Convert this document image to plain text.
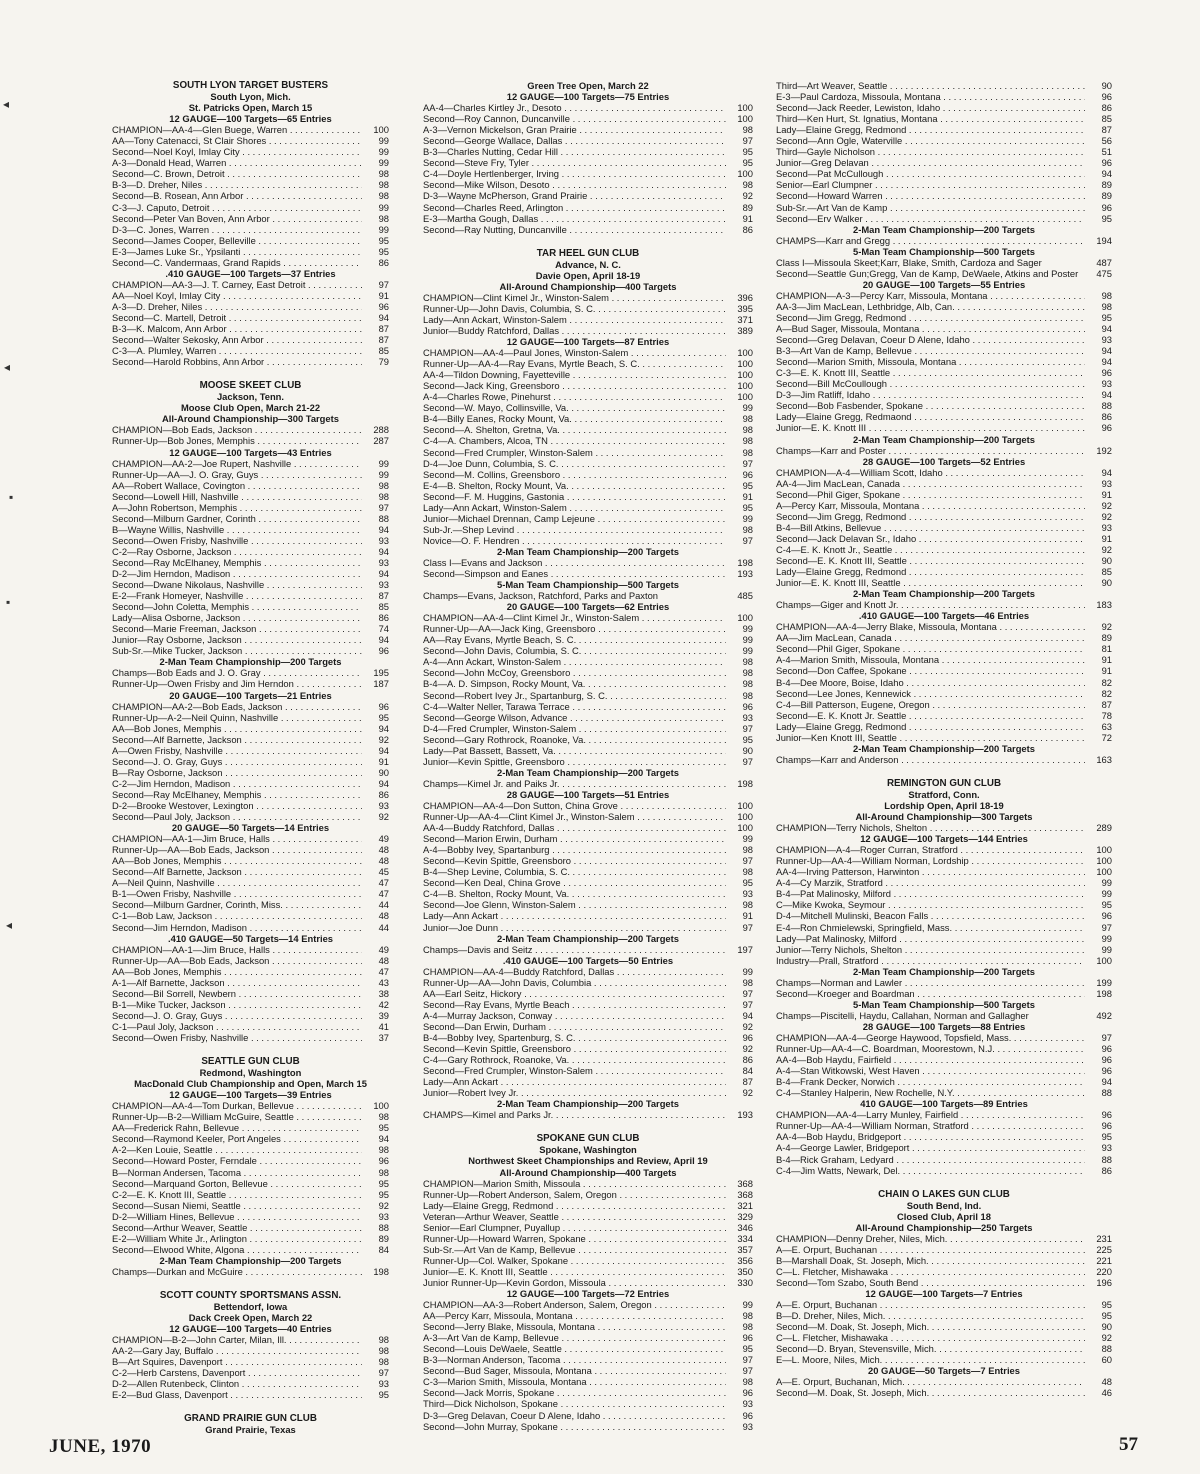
SOUTH LYON TARGET BUSTERS
South Lyon, Mich.
St. Patricks Open, March 15
12 GAUGE—100 Targets—65 Entries
CHAMPION—AA-4—Glen Buege, Warren . . .	100
AA—Tony Catenacci, St Clair Shores . . .	99
Second—Noel Koyl, Imlay City . . .	99
A-3—Donald Head, Warren . . .	99
Second—C. Brown, Detroit . . .	98
B-3—D. Dreher, Niles . . .	98
Second—B. Rosean, Ann Arbor . . .	98
C-3—J. Caputo, Detroit . . .	99
Second—Peter Van Boven, Ann Arbor . . .	98
D-3—C. Jones, Warren . . .	99
Second—James Cooper, Belleville . . .	95
E-3—James Luke Sr., Ypsilanti . . .	95
Second—C. Vandermaas, Grand Rapids . . .	86
.410 GAUGE—100 Targets—37 Entries
CHAMPION—AA-3—J. T. Carney, East Detroit . . .	97
AA—Noel Koyl, Imlay City . . .	91
A-3—D. Dreher, Niles . . .	96
Second—C. Martell, Detroit . . .	94
B-3—K. Malcom, Ann Arbor . . .	87
Second—Walter Sekosky, Ann Arbor . . .	87
C-3—A. Plumley, Warren . . .	85
Second—Harold Robbins, Ann Arbor . . .	79
MOOSE SKEET CLUB
Jackson, Tenn.
Moose Club Open, March 21-22
All-Around Championship—300 Targets
CHAMPION—Bob Eads, Jackson . . .	288
Runner-Up—Bob Jones, Memphis . . .	287
12 GAUGE—100 Targets—43 Entries
CHAMPION—AA-2—Joe Rupert, Nashville . . .	99
Runner-Up—AA—J. O. Gray, Guys . . .	99
AA—Robert Wallace, Covington . . .	98
Second—Lowell Hill, Nashville . . .	98
A—John Robertson, Memphis . . .	97
Second—Milburn Gardner, Corinth . . .	88
B—Wayne Willis, Nashville . . .	94
Second—Owen Frisby, Nashville . . .	93
C-2—Ray Osborne, Jackson . . .	94
Second—Ray McElhaney, Memphis . . .	93
D-2—Jim Herndon, Madison . . .	94
Second—Dwane Nikolaus, Nashville . . .	93
E-2—Frank Homeyer, Nashville . . .	87
Second—John Coletta, Memphis . . .	85
Lady—Alisa Osborne, Jackson . . .	86
Second—Marie Freeman, Jackson . . .	74
Junior—Ray Osborne, Jackson . . .	94
Sub-Sr.—Mike Tucker, Jackson . . .	96
2-Man Team Championship—200 Targets
Champs—Bob Eads and J. O. Gray . . .	195
Runner-Up—Owen Frisby and Jim Herndon . . .	187
20 GAUGE—100 Targets—21 Entries
CHAMPION—AA-2—Bob Eads, Jackson . . .	96
Runner-Up—A-2—Neil Quinn, Nashville . . .	95
AA—Bob Jones, Memphis . . .	94
Second—Alf Barnette, Jackson . . .	92
A—Owen Frisby, Nashville . . .	94
Second—J. O. Gray, Guys . . .	91
B—Ray Osborne, Jackson . . .	90
C-2—Jim Herndon, Madison . . .	94
Second—Ray McElhaney, Memphis . . .	86
D-2—Brooke Westover, Lexington . . .	93
Second—Paul Joly, Jackson . . .	92
20 GAUGE—50 Targets—14 Entries
CHAMPION—AA-1—Jim Bruce, Halls . . .	49
Runner-Up—AA—Bob Eads, Jackson . . .	48
AA—Bob Jones, Memphis . . .	48
Second—Alf Barnette, Jackson . . .	45
A—Neil Quinn, Nashville . . .	47
B-1—Owen Frisby, Nashville . . .	47
Second—Milburn Gardner, Corinth, Miss. . . .	44
C-1—Bob Law, Jackson . . .	48
Second—Jim Herndon, Madison . . .	44
.410 GAUGE—50 Targets—14 Entries
CHAMPION—AA-1—Jim Bruce, Halls . . .	49
Runner-Up—AA—Bob Eads, Jackson . . .	48
AA—Bob Jones, Memphis . . .	47
A-1—Alf Barnette, Jackson . . .	43
Second—Bil Sorrell, Newbern . . .	38
B-1—Mike Tucker, Jackson . . .	42
Second—J. O. Gray, Guys . . .	39
C-1—Paul Joly, Jackson . . .	41
Second—Owen Frisby, Nashville . . .	37
SEATTLE GUN CLUB
Redmond, Washington
MacDonald Club Championship and Open, March 15
12 GAUGE—100 Targets—39 Entries
CHAMPION—AA-4—Tom Durkan, Bellevue . . .	100
Runner-Up—B-2—William McGuire, Seattle . . .	98
AA—Frederick Rahn, Bellevue . . .	95
Second—Raymond Keeler, Port Angeles . . .	94
A-2—Ken Louie, Seattle . . .	98
Second—Howard Poster, Ferndale . . .	96
B—Norman Andersen, Tacoma . . .	98
Second—Marquand Gorton, Bellevue . . .	95
C-2—E. K. Knott III, Seattle . . .	95
Second—Susan Niemi, Seattle . . .	92
D-2—William Hines, Bellevue . . .	93
Second—Arthur Weaver, Seattle . . .	88
E-2—William White Jr., Arlington . . .	89
Second—Elwood White, Algona . . .	84
2-Man Team Championship—200 Targets
Champs—Durkan and McGuire . . .	198
SCOTT COUNTY SPORTSMANS ASSN.
Bettendorf, Iowa
Dack Creek Open, March 22
12 GAUGE—100 Targets—40 Entries
CHAMPION—B-2—John Carter, Milan, Ill. . . .	98
AA-2—Gary Jay, Buffalo . . .	98
B—Art Squires, Davenport . . .	98
C-2—Herb Carstens, Davenport . . .	97
D-2—Allen Rutenbeck, Clinton . . .	93
E-2—Bud Glass, Davenport . . .	95
GRAND PRAIRIE GUN CLUB
Grand Prairie, Texas
Green Tree Open, March 22
12 GAUGE—100 Targets—75 Entries
AA-4—Charles Kirtley Jr., Desoto . . .	100
Second—Roy Cannon, Duncanville . . .	100
A-3—Vernon Mickelson, Gran Prairie . . .	98
Second—George Wallace, Dallas . . .	97
B-3—Charles Nutting, Cedar Hill . . .	95
Second—Steve Fry, Tyler . . .	95
C-4—Doyle Hertlenberger, Irving . . .	100
Second—Mike Wilson, Desoto . . .	98
D-3—Wayne McPherson, Grand Prairie . . .	92
Second—Charles Reed, Arlington . . .	89
E-3—Martha Gough, Dallas . . .	91
Second—Ray Nutting, Duncanville . . .	86
TAR HEEL GUN CLUB
Advance, N. C.
Davie Open, April 18-19
All-Around Championship—400 Targets
CHAMPION—Clint Kimel Jr., Winston-Salem . . .	396
Runner-Up—John Davis, Columbia, S. C. . . .	395
Lady—Ann Ackart, Winston-Salem . . .	371
Junior—Buddy Ratchford, Dallas . . .	389
12 GAUGE—100 Targets—87 Entries
CHAMPION—AA-4—Paul Jones, Winston-Salem . . .	100
Runner-Up—AA-4—Ray Evans, Myrtle Beach, S. C. . . .	100
AA-4—Tildon Downing, Fayetteville . . .	100
Second—Jack King, Greensboro . . .	100
A-4—Charles Rowe, Pinehurst . . .	100
Second—W. Mayo, Collinsville, Va. . . .	99
B-4—Billy Eanes, Rocky Mount, Va. . . .	98
Second—A. Shelton, Gretna, Va. . . .	98
C-4—A. Chambers, Alcoa, TN . . .	98
Second—Fred Crumpler, Winston-Salem . . .	98
D-4—Joe Dunn, Columbia, S. C. . . .	97
Second—M. Collins, Greensboro . . .	96
E-4—B. Shelton, Rocky Mount, Va. . . .	95
Second—F. M. Huggins, Gastonia . . .	91
Lady—Ann Ackart, Winston-Salem . . .	95
Junior—Michael Drennan, Camp Lejeune . . .	99
Sub-Jr.—Shep Levind . . .	98
Novice—O. F. Hendren . . .	97
2-Man Team Championship—200 Targets
Class I—Evans and Jackson . . .	198
Second—Simpson and Eanes . . .	193
5-Man Team Championship—500 Targets
Champs—Evans, Jackson, Ratchford, Parks and Paxton	485
20 GAUGE—100 Targets—62 Entries
CHAMPION—AA-4—Clint Kimel Jr., Winston-Salem . . .	100
Runner-Up—AA—Jack King, Greensboro . . .	99
AA—Ray Evans, Myrtle Beach, S. C. . . .	99
Second—John Davis, Columbia, S. C. . . .	99
A-4—Ann Ackart, Winston-Salem . . .	98
Second—John McCoy, Greensboro . . .	98
B-4—A. D. Simpson, Rocky Mount, Va. . . .	98
Second—Robert Ivey Jr., Spartanburg, S. C. . . .	98
C-4—Walter Neller, Tarawa Terrace . . .	96
Second—George Wilson, Advance . . .	93
D-4—Fred Crumpler, Winston-Salem . . .	97
Second—Gary Rothrock, Roanoke, Va. . . .	95
Lady—Pat Bassett, Bassett, Va. . . .	90
Junior—Kevin Spittle, Greensboro . . .	97
2-Man Team Championship—200 Targets
Champs—Kimel Jr. and Paiks Jr. . . .	198
28 GAUGE—100 Targets—51 Entries
CHAMPION—AA-4—Don Sutton, China Grove . . .	100
Runner-Up—AA-4—Clint Kimel Jr., Winston-Salem . . .	100
AA-4—Buddy Ratchford, Dallas . . .	100
Second—Marion Erwin, Durham . . .	99
A-4—Bobby Ivey, Spartanburg . . .	98
Second—Kevin Spittle, Greensboro . . .	97
B-4—Shep Levine, Columbia, S. C. . . .	98
Second—Ken Deal, China Grove . . .	95
C-4—B. Shelton, Rocky Mount, Va. . . .	93
Second—Joe Glenn, Winston-Salem . . .	98
Lady—Ann Ackart . . .	91
Junior—Joe Dunn . . .	97
2-Man Team Championship—200 Targets
Champs—Davis and Seitz . . .	197
.410 GAUGE—100 Targets—50 Entries
CHAMPION—AA-4—Buddy Ratchford, Dallas . . .	99
Runner-Up—AA—John Davis, Columbia . . .	98
AA—Earl Seitz, Hickory . . .	97
Second—Ray Evans, Myrtle Beach . . .	97
A-4—Murray Jackson, Conway . . .	94
Second—Dan Erwin, Durham . . .	92
B-4—Bobby Ivey, Spartenburg, S. C. . . .	96
Second—Kevin Spittle, Greensboro . . .	92
C-4—Gary Rothrock, Roanoke, Va. . . .	86
Second—Fred Crumpler, Winston-Salem . . .	84
Lady—Ann Ackart . . .	87
Junior—Robert Ivey Jr. . . .	92
2-Man Team Championship—200 Targets
CHAMPS—Kimel and Parks Jr. . . .	193
SPOKANE GUN CLUB
Spokane, Washington
Northwest Skeet Championships and Review, April 19
All-Around Championship—400 Targets
CHAMPION—Marion Smith, Missoula . . .	368
Runner-Up—Robert Anderson, Salem, Oregon . . .	368
Lady—Elaine Gregg, Redmond . . .	321
Veteran—Arthur Weaver, Seattle . . .	329
Senior—Earl Clumpner, Puyallup . . .	346
Runner-Up—Howard Warren, Spokane . . .	334
Sub-Sr.—Art Van de Kamp, Bellevue . . .	357
Runner-Up—Col. Walker, Spokane . . .	356
Junior—E. K. Knott III, Seattle . . .	350
Junior Runner-Up—Kevin Gordon, Missoula . . .	330
12 GAUGE—100 Targets—72 Entries
CHAMPION—AA-3—Robert Anderson, Salem, Oregon . . .	99
AA—Percy Karr, Missoula, Montana . . .	98
Second—Jerry Blake, Missoula, Montana . . .	98
A-3—Art Van de Kamp, Bellevue . . .	96
Second—Louis DeWaele, Seattle . . .	95
B-3—Norman Anderson, Tacoma . . .	97
Second—Bud Sager, Missoula, Montana . . .	97
C-3—Marion Smith, Missoula, Montana . . .	98
Second—Jack Morris, Spokane . . .	96
Third—Dick Nicholson, Spokane . . .	93
D-3—Greg Delavan, Coeur D Alene, Idaho . . .	96
Second—John Murray, Spokane . . .	93
Third—Art Weaver, Seattle . . .	90
E-3—Paul Cardoza, Missoula, Montana . . .	96
Second—Jack Reeder, Lewiston, Idaho . . .	86
Third—Ken Hurt, St. Ignatius, Montana . . .	85
Lady—Elaine Gregg, Redmond . . .	87
Second—Ann Ogle, Waterville . . .	56
Third—Gayle Nicholson . . .	51
Junior—Greg Delavan . . .	96
Second—Pat McCullough . . .	94
Senior—Earl Clumpner . . .	89
Second—Howard Warren . . .	89
Sub-Sr.—Art Van de Kamp . . .	96
Second—Erv Walker . . .	95
2-Man Team Championship—200 Targets
CHAMPS—Karr and Gregg . . .	194
5-Man Team Championship—500 Targets
Class I—Missoula Skeet;Karr, Blake, Smith, Cardoza and Sager	487
Second—Seattle Gun;Gregg, Van de Kamp, DeWaele, Atkins and Poster 475
20 GAUGE—100 Targets—55 Entries
CHAMPION—A-3—Percy Karr, Missoula, Montana . . .	98
AA-3—Jim MacLean, Lethbridge, Alb, Can. . . .	98
Second—Jim Gregg, Redmond . . .	95
A—Bud Sager, Missoula, Montana . . .	94
Second—Greg Delavan, Coeur D Alene, Idaho . . .	93
B-3—Art Van de Kamp, Bellevue . . .	94
Second—Marion Smith, Missoula, Montana . . .	94
C-3—E. K. Knott III, Seattle . . .	96
Second—Bill McCoullough . . .	93
D-3—Jim Ratliff, Idaho . . .	94
Second—Bob Fasbender, Spokane . . .	88
Lady—Elaine Gregg, Redmaond . . .	86
Junior—E. K. Knott III . . .	96
2-Man Team Championship—200 Targets
Champs—Karr and Poster . . .	192
28 GAUGE—100 Targets—52 Entries
CHAMPION—A-4—William Scott, Idaho . . .	94
AA-4—Jim MacLean, Canada . . .	93
Second—Phil Giger, Spokane . . .	91
A—Percy Karr, Missoula, Montana . . .	92
Second—Jim Gregg, Redmond . . .	92
B-4—Bill Atkins, Bellevue . . .	93
Second—Jack Delavan Sr., Idaho . . .	91
C-4—E. K. Knott Jr., Seattle . . .	92
Second—E. K. Knott III, Seattle . . .	90
Lady—Elaine Gregg, Redmond . . .	85
Junior—E. K. Knott III, Seattle . . .	90
2-Man Team Championship—200 Targets
Champs—Giger and Knott Jr. . . .	183
.410 GAUGE—100 Targets—46 Entries
CHAMPION—AA-4—Jerry Blake, Missoula, Montana . . .	92
AA—Jim MacLean, Canada . . .	89
Second—Phil Giger, Spokane . . .	81
A-4—Marion Smith, Missoula, Montana . . .	91
Second—Don Caffee, Spokane . . .	91
B-4—Dee Moore, Boise, Idaho . . .	82
Second—Lee Jones, Kennewick . . .	82
C-4—Bill Patterson, Eugene, Oregon . . .	87
Second—E. K. Knott Jr. Seattle . . .	78
Lady—Elaine Gregg, Redmond . . .	63
Junior—Ken Knott III, Seattle . . .	72
2-Man Team Championship—200 Targets
Champs—Karr and Anderson . . .	163
REMINGTON GUN CLUB
Stratford, Conn.
Lordship Open, April 18-19
All-Around Championship—300 Targets
CHAMPION—Terry Nichols, Shelton . . .	289
12 GAUGE—100 Targets—144 Entries
CHAMPION—A-4—Roger Curran, Stratford . . .	100
Runner-Up—AA-4—William Norman, Lordship . . .	100
AA-4—Irving Patterson, Harwinton . . .	100
A-4—Cy Marzik, Stratford . . .	99
B-4—Pat Malinosky, Milford . . .	99
C—Mike Kwoka, Seymour . . .	95
D-4—Mitchell Mulinski, Beacon Falls . . .	96
E-4—Ron Chmielewski, Springfield, Mass. . . .	97
Lady—Pat Malinosky, Milford . . .	99
Junior—Terry Nichols, Shelton . . .	99
Industry—Prall, Stratford . . .	100
2-Man Team Championship—200 Targets
Champs—Norman and Lawler . . .	199
Second—Kroeger and Boardman . . .	198
5-Man Team Championship—500 Targets
Champs—Piscitelli, Haydu, Callahan, Norman and Gallagher	492
28 GAUGE—100 Targets—88 Entries
CHAMPION—AA-4—George Haywood, Topsfield, Mass. . . .	97
Runner-Up—AA-4—C. Boardman, Moorestown, N.J. . . .	96
AA-4—Bob Haydu, Fairfield . . .	96
A-4—Stan Witkowski, West Haven . . .	96
B-4—Frank Decker, Norwich . . .	94
C-4—Stanley Halperin, New Rochelle, N.Y. . . .	88
410 GAUGE—100 Targets—89 Entries
CHAMPION—AA-4—Larry Munley, Fairfield . . .	96
Runner-Up—AA-4—William Norman, Stratford . . .	96
AA-4—Bob Haydu, Bridgeport . . .	95
A-4—George Lawler, Bridgeport . . .	93
B-4—Rick Graham, Ledyard . . .	88
C-4—Jim Watts, Newark, Del. . . .	86
CHAIN O LAKES GUN CLUB
South Bend, Ind.
Closed Club, April 18
All-Around Championship—250 Targets
CHAMPION—Denny Dreher, Niles, Mich. . . .	231
A—E. Orpurt, Buchanan . . .	225
B—Marshall Doak, St. Joseph, Mich. . . .	221
C—L. Fletcher, Mishawaka . . .	220
Second—Tom Szabo, South Bend . . .	196
12 GAUGE—100 Targets—7 Entries
A—E. Orpurt, Buchanan . . .	95
B—D. Dreher, Niles, Mich. . . .	95
Second—M. Doak, St. Joseph, Mich. . . .	90
C—L. Fletcher, Mishawaka . . .	92
Second—D. Bryan, Stevensville, Mich. . . .	88
E—L. Moore, Niles, Mich. . . .	60
20 GAUGE—50 Targets—7 Entries
A—E. Orpurt, Buchanan, Mich. . . .	48
Second—M. Doak, St. Joseph, Mich. . . .	46
◂
◂
▪
▪
◂
JUNE, 1970	57
